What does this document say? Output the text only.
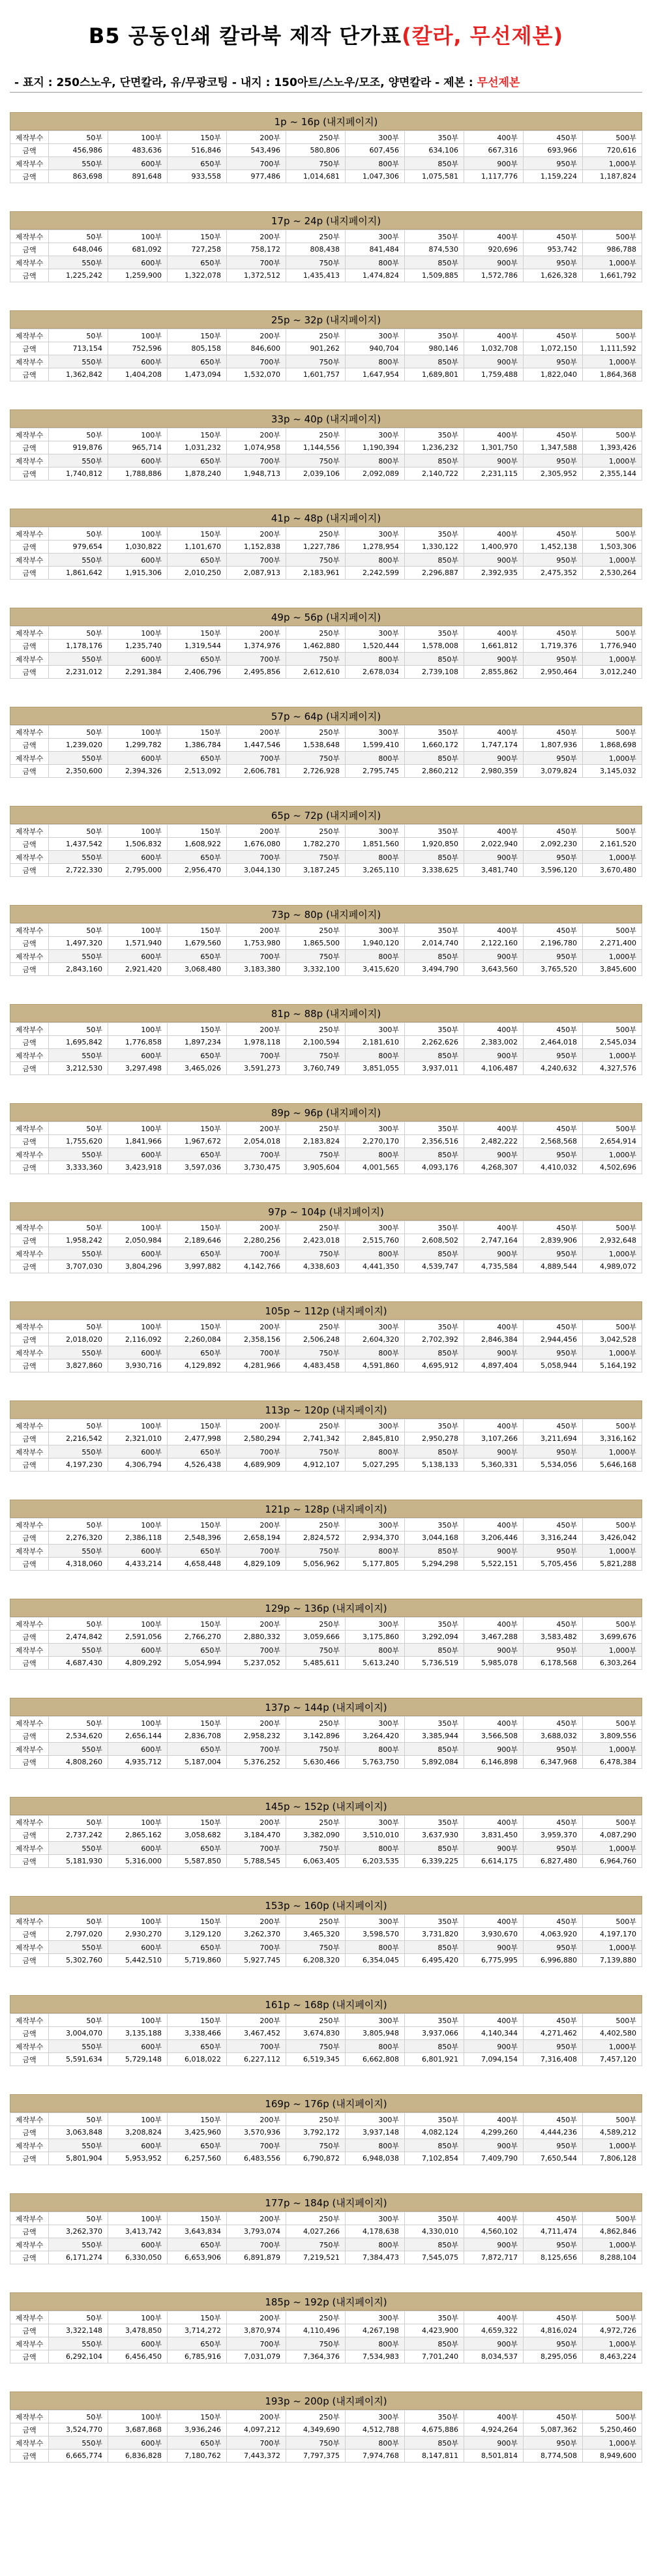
B5 공동인쇄 칼라북 제작 단가표(칼라, 무선제본)
- 표지 : 250스노우, 단면칼라, 유/무광코팅 - 내지 : 150아트/스노우/모조, 양면칼라 - 제본 : 무선제본
1p ~ 16p (내지페이지)
제작부수	50부	100부	150부	200부	250부	300부	350부	400부	450부	500부
금액	456,986	483,636	516,846	543,496	580,806	607,456	634,106	667,316	693,966	720,616
제작부수	550부	600부	650부	700부	750부	800부	850부	900부	950부	1,000부
금액	863,698	891,648	933,558	977,486	1,014,681	1,047,306	1,075,581	1,117,776	1,159,224	1,187,824
17p ~ 24p (내지페이지)
제작부수	50부	100부	150부	200부	250부	300부	350부	400부	450부	500부
금액	648,046	681,092	727,258	758,172	808,438	841,484	874,530	920,696	953,742	986,788
제작부수	550부	600부	650부	700부	750부	800부	850부	900부	950부	1,000부
금액	1,225,242	1,259,900	1,322,078	1,372,512	1,435,413	1,474,824	1,509,885	1,572,786	1,626,328	1,661,792
25p ~ 32p (내지페이지)
제작부수	50부	100부	150부	200부	250부	300부	350부	400부	450부	500부
금액	713,154	752,596	805,158	846,600	901,262	940,704	980,146	1,032,708	1,072,150	1,111,592
제작부수	550부	600부	650부	700부	750부	800부	850부	900부	950부	1,000부
금액	1,362,842	1,404,208	1,473,094	1,532,070	1,601,757	1,647,954	1,689,801	1,759,488	1,822,040	1,864,368
33p ~ 40p (내지페이지)
제작부수	50부	100부	150부	200부	250부	300부	350부	400부	450부	500부
금액	919,876	965,714	1,031,232	1,074,958	1,144,556	1,190,394	1,236,232	1,301,750	1,347,588	1,393,426
제작부수	550부	600부	650부	700부	750부	800부	850부	900부	950부	1,000부
금액	1,740,812	1,788,886	1,878,240	1,948,713	2,039,106	2,092,089	2,140,722	2,231,115	2,305,952	2,355,144
41p ~ 48p (내지페이지)
제작부수	50부	100부	150부	200부	250부	300부	350부	400부	450부	500부
금액	979,654	1,030,822	1,101,670	1,152,838	1,227,786	1,278,954	1,330,122	1,400,970	1,452,138	1,503,306
제작부수	550부	600부	650부	700부	750부	800부	850부	900부	950부	1,000부
금액	1,861,642	1,915,306	2,010,250	2,087,913	2,183,961	2,242,599	2,296,887	2,392,935	2,475,352	2,530,264
49p ~ 56p (내지페이지)
제작부수	50부	100부	150부	200부	250부	300부	350부	400부	450부	500부
금액	1,178,176	1,235,740	1,319,544	1,374,976	1,462,880	1,520,444	1,578,008	1,661,812	1,719,376	1,776,940
제작부수	550부	600부	650부	700부	750부	800부	850부	900부	950부	1,000부
금액	2,231,012	2,291,384	2,406,796	2,495,856	2,612,610	2,678,034	2,739,108	2,855,862	2,950,464	3,012,240
57p ~ 64p (내지페이지)
제작부수	50부	100부	150부	200부	250부	300부	350부	400부	450부	500부
금액	1,239,020	1,299,782	1,386,784	1,447,546	1,538,648	1,599,410	1,660,172	1,747,174	1,807,936	1,868,698
제작부수	550부	600부	650부	700부	750부	800부	850부	900부	950부	1,000부
금액	2,350,600	2,394,326	2,513,092	2,606,781	2,726,928	2,795,745	2,860,212	2,980,359	3,079,824	3,145,032
65p ~ 72p (내지페이지)
제작부수	50부	100부	150부	200부	250부	300부	350부	400부	450부	500부
금액	1,437,542	1,506,832	1,608,922	1,676,080	1,782,270	1,851,560	1,920,850	2,022,940	2,092,230	2,161,520
제작부수	550부	600부	650부	700부	750부	800부	850부	900부	950부	1,000부
금액	2,722,330	2,795,000	2,956,470	3,044,130	3,187,245	3,265,110	3,338,625	3,481,740	3,596,120	3,670,480
73p ~ 80p (내지페이지)
제작부수	50부	100부	150부	200부	250부	300부	350부	400부	450부	500부
금액	1,497,320	1,571,940	1,679,560	1,753,980	1,865,500	1,940,120	2,014,740	2,122,160	2,196,780	2,271,400
제작부수	550부	600부	650부	700부	750부	800부	850부	900부	950부	1,000부
금액	2,843,160	2,921,420	3,068,480	3,183,380	3,332,100	3,415,620	3,494,790	3,643,560	3,765,520	3,845,600
81p ~ 88p (내지페이지)
제작부수	50부	100부	150부	200부	250부	300부	350부	400부	450부	500부
금액	1,695,842	1,776,858	1,897,234	1,978,118	2,100,594	2,181,610	2,262,626	2,383,002	2,464,018	2,545,034
제작부수	550부	600부	650부	700부	750부	800부	850부	900부	950부	1,000부
금액	3,212,530	3,297,498	3,465,026	3,591,273	3,760,749	3,851,055	3,937,011	4,106,487	4,240,632	4,327,576
89p ~ 96p (내지페이지)
제작부수	50부	100부	150부	200부	250부	300부	350부	400부	450부	500부
금액	1,755,620	1,841,966	1,967,672	2,054,018	2,183,824	2,270,170	2,356,516	2,482,222	2,568,568	2,654,914
제작부수	550부	600부	650부	700부	750부	800부	850부	900부	950부	1,000부
금액	3,333,360	3,423,918	3,597,036	3,730,475	3,905,604	4,001,565	4,093,176	4,268,307	4,410,032	4,502,696
97p ~ 104p (내지페이지)
제작부수	50부	100부	150부	200부	250부	300부	350부	400부	450부	500부
금액	1,958,242	2,050,984	2,189,646	2,280,256	2,423,018	2,515,760	2,608,502	2,747,164	2,839,906	2,932,648
제작부수	550부	600부	650부	700부	750부	800부	850부	900부	950부	1,000부
금액	3,707,030	3,804,296	3,997,882	4,142,766	4,338,603	4,441,350	4,539,747	4,735,584	4,889,544	4,989,072
105p ~ 112p (내지페이지)
제작부수	50부	100부	150부	200부	250부	300부	350부	400부	450부	500부
금액	2,018,020	2,116,092	2,260,084	2,358,156	2,506,248	2,604,320	2,702,392	2,846,384	2,944,456	3,042,528
제작부수	550부	600부	650부	700부	750부	800부	850부	900부	950부	1,000부
금액	3,827,860	3,930,716	4,129,892	4,281,966	4,483,458	4,591,860	4,695,912	4,897,404	5,058,944	5,164,192
113p ~ 120p (내지페이지)
제작부수	50부	100부	150부	200부	250부	300부	350부	400부	450부	500부
금액	2,216,542	2,321,010	2,477,998	2,580,294	2,741,342	2,845,810	2,950,278	3,107,266	3,211,694	3,316,162
제작부수	550부	600부	650부	700부	750부	800부	850부	900부	950부	1,000부
금액	4,197,230	4,306,794	4,526,438	4,689,909	4,912,107	5,027,295	5,138,133	5,360,331	5,534,056	5,646,168
121p ~ 128p (내지페이지)
제작부수	50부	100부	150부	200부	250부	300부	350부	400부	450부	500부
금액	2,276,320	2,386,118	2,548,396	2,658,194	2,824,572	2,934,370	3,044,168	3,206,446	3,316,244	3,426,042
제작부수	550부	600부	650부	700부	750부	800부	850부	900부	950부	1,000부
금액	4,318,060	4,433,214	4,658,448	4,829,109	5,056,962	5,177,805	5,294,298	5,522,151	5,705,456	5,821,288
129p ~ 136p (내지페이지)
제작부수	50부	100부	150부	200부	250부	300부	350부	400부	450부	500부
금액	2,474,842	2,591,056	2,766,270	2,880,332	3,059,666	3,175,860	3,292,094	3,467,288	3,583,482	3,699,676
제작부수	550부	600부	650부	700부	750부	800부	850부	900부	950부	1,000부
금액	4,687,430	4,809,292	5,054,994	5,237,052	5,485,611	5,613,240	5,736,519	5,985,078	6,178,568	6,303,264
137p ~ 144p (내지페이지)
제작부수	50부	100부	150부	200부	250부	300부	350부	400부	450부	500부
금액	2,534,620	2,656,144	2,836,708	2,958,232	3,142,896	3,264,420	3,385,944	3,566,508	3,688,032	3,809,556
제작부수	550부	600부	650부	700부	750부	800부	850부	900부	950부	1,000부
금액	4,808,260	4,935,712	5,187,004	5,376,252	5,630,466	5,763,750	5,892,084	6,146,898	6,347,968	6,478,384
145p ~ 152p (내지페이지)
제작부수	50부	100부	150부	200부	250부	300부	350부	400부	450부	500부
금액	2,737,242	2,865,162	3,058,682	3,184,470	3,382,090	3,510,010	3,637,930	3,831,450	3,959,370	4,087,290
제작부수	550부	600부	650부	700부	750부	800부	850부	900부	950부	1,000부
금액	5,181,930	5,316,000	5,587,850	5,788,545	6,063,405	6,203,535	6,339,225	6,614,175	6,827,480	6,964,760
153p ~ 160p (내지페이지)
제작부수	50부	100부	150부	200부	250부	300부	350부	400부	450부	500부
금액	2,797,020	2,930,270	3,129,120	3,262,370	3,465,320	3,598,570	3,731,820	3,930,670	4,063,920	4,197,170
제작부수	550부	600부	650부	700부	750부	800부	850부	900부	950부	1,000부
금액	5,302,760	5,442,510	5,719,860	5,927,745	6,208,320	6,354,045	6,495,420	6,775,995	6,996,880	7,139,880
161p ~ 168p (내지페이지)
제작부수	50부	100부	150부	200부	250부	300부	350부	400부	450부	500부
금액	3,004,070	3,135,188	3,338,466	3,467,452	3,674,830	3,805,948	3,937,066	4,140,344	4,271,462	4,402,580
제작부수	550부	600부	650부	700부	750부	800부	850부	900부	950부	1,000부
금액	5,591,634	5,729,148	6,018,022	6,227,112	6,519,345	6,662,808	6,801,921	7,094,154	7,316,408	7,457,120
169p ~ 176p (내지페이지)
제작부수	50부	100부	150부	200부	250부	300부	350부	400부	450부	500부
금액	3,063,848	3,208,824	3,425,960	3,570,936	3,792,172	3,937,148	4,082,124	4,299,260	4,444,236	4,589,212
제작부수	550부	600부	650부	700부	750부	800부	850부	900부	950부	1,000부
금액	5,801,904	5,953,952	6,257,560	6,483,556	6,790,872	6,948,038	7,102,854	7,409,790	7,650,544	7,806,128
177p ~ 184p (내지페이지)
제작부수	50부	100부	150부	200부	250부	300부	350부	400부	450부	500부
금액	3,262,370	3,413,742	3,643,834	3,793,074	4,027,266	4,178,638	4,330,010	4,560,102	4,711,474	4,862,846
제작부수	550부	600부	650부	700부	750부	800부	850부	900부	950부	1,000부
금액	6,171,274	6,330,050	6,653,906	6,891,879	7,219,521	7,384,473	7,545,075	7,872,717	8,125,656	8,288,104
185p ~ 192p (내지페이지)
제작부수	50부	100부	150부	200부	250부	300부	350부	400부	450부	500부
금액	3,322,148	3,478,850	3,714,272	3,870,974	4,110,496	4,267,198	4,423,900	4,659,322	4,816,024	4,972,726
제작부수	550부	600부	650부	700부	750부	800부	850부	900부	950부	1,000부
금액	6,292,104	6,456,450	6,785,916	7,031,079	7,364,376	7,534,983	7,701,240	8,034,537	8,295,056	8,463,224
193p ~ 200p (내지페이지)
제작부수	50부	100부	150부	200부	250부	300부	350부	400부	450부	500부
금액	3,524,770	3,687,868	3,936,246	4,097,212	4,349,690	4,512,788	4,675,886	4,924,264	5,087,362	5,250,460
제작부수	550부	600부	650부	700부	750부	800부	850부	900부	950부	1,000부
금액	6,665,774	6,836,828	7,180,762	7,443,372	7,797,375	7,974,768	8,147,811	8,501,814	8,774,508	8,949,600
